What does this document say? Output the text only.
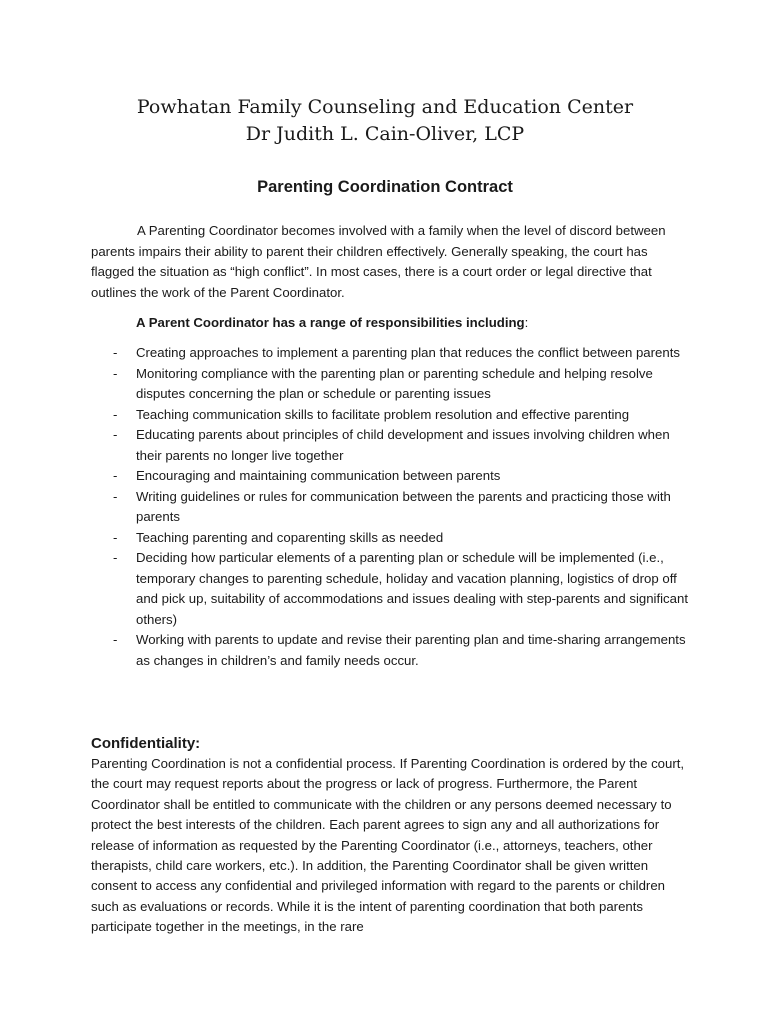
Powhatan Family Counseling and Education Center
Dr Judith L. Cain-Oliver, LCP
Parenting Coordination Contract
A Parenting Coordinator becomes involved with a family when the level of discord between parents impairs their ability to parent their children effectively. Generally speaking, the court has flagged the situation as “high conflict”. In most cases, there is a court order or legal directive that outlines the work of the Parent Coordinator.
A Parent Coordinator has a range of responsibilities including:
- Creating approaches to implement a parenting plan that reduces the conflict between parents
- Monitoring compliance with the parenting plan or parenting schedule and helping resolve disputes concerning the plan or schedule or parenting issues
- Teaching communication skills to facilitate problem resolution and effective parenting
- Educating parents about principles of child development and issues involving children when their parents no longer live together
- Encouraging and maintaining communication between parents
- Writing guidelines or rules for communication between the parents and practicing those with parents
- Teaching parenting and coparenting skills as needed
- Deciding how particular elements of a parenting plan or schedule will be implemented (i.e., temporary changes to parenting schedule, holiday and vacation planning, logistics of drop off and pick up, suitability of accommodations and issues dealing with step-parents and significant others)
- Working with parents to update and revise their parenting plan and time-sharing arrangements as changes in children’s and family needs occur.
Confidentiality:
Parenting Coordination is not a confidential process. If Parenting Coordination is ordered by the court, the court may request reports about the progress or lack of progress. Furthermore, the Parent Coordinator shall be entitled to communicate with the children or any persons deemed necessary to protect the best interests of the children. Each parent agrees to sign any and all authorizations for release of information as requested by the Parenting Coordinator (i.e., attorneys, teachers, other therapists, child care workers, etc.). In addition, the Parenting Coordinator shall be given written consent to access any confidential and privileged information with regard to the parents or children such as evaluations or records. While it is the intent of parenting coordination that both parents participate together in the meetings, in the rare
